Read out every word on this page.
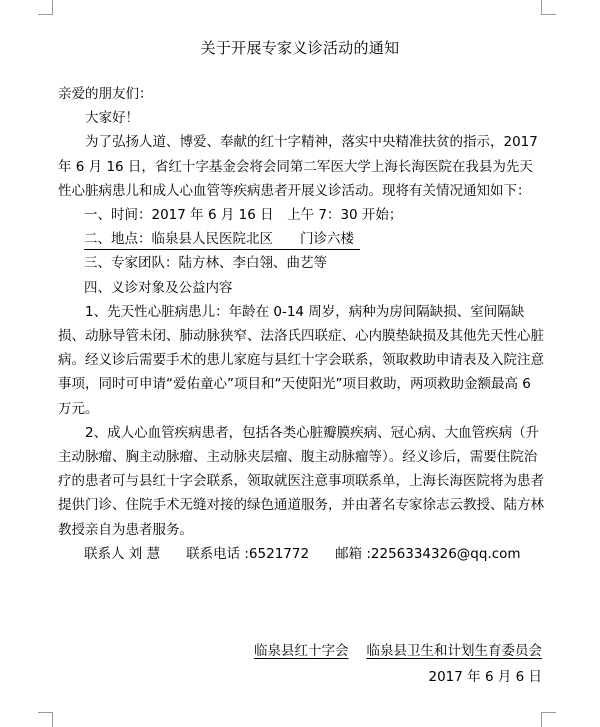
关于开展专家义诊活动的通知

亲爱的朋友们：

大家好！

为了弘扬人道、博爱、奉献的红十字精神，落实中央精准扶贫的指示，2017 年 6 月 16 日，省红十字基金会将会同第二军医大学上海长海医院在我县为先天性心脏病患儿和成人心血管等疾病患者开展义诊活动。现将有关情况通知如下：

一、时间：2017 年 6 月 16 日　上午 7：30 开始；

二、地点：临泉县人民医院北区　　门诊六楼

三、专家团队：陆方林、李白翎、曲艺等

四、义诊对象及公益内容

1、先天性心脏病患儿：年龄在 0-14 周岁，病种为房间隔缺损、室间隔缺损、动脉导管未闭、肺动脉狭窄、法洛氏四联症、心内膜垫缺损及其他先天性心脏病。经义诊后需要手术的患儿家庭与县红十字会联系，领取救助申请表及入院注意事项，同时可申请“爱佑童心”项目和“天使阳光”项目救助，两项救助金额最高 6 万元。

2、成人心血管疾病患者，包括各类心脏瓣膜疾病、冠心病、大血管疾病（升主动脉瘤、胸主动脉瘤、主动脉夹层瘤、腹主动脉瘤等）。经义诊后，需要住院治疗的患者可与县红十字会联系，领取就医注意事项联系单，上海长海医院将为患者提供门诊、住院手术无缝对接的绿色通道服务，并由著名专家徐志云教授、陆方林教授亲自为患者服务。

联系人 刘 慧 联系电话 :6521772 邮箱 :2256334326@qq.com

临泉县红十字会 临泉县卫生和计划生育委员会
2017 年 6 月 6 日
